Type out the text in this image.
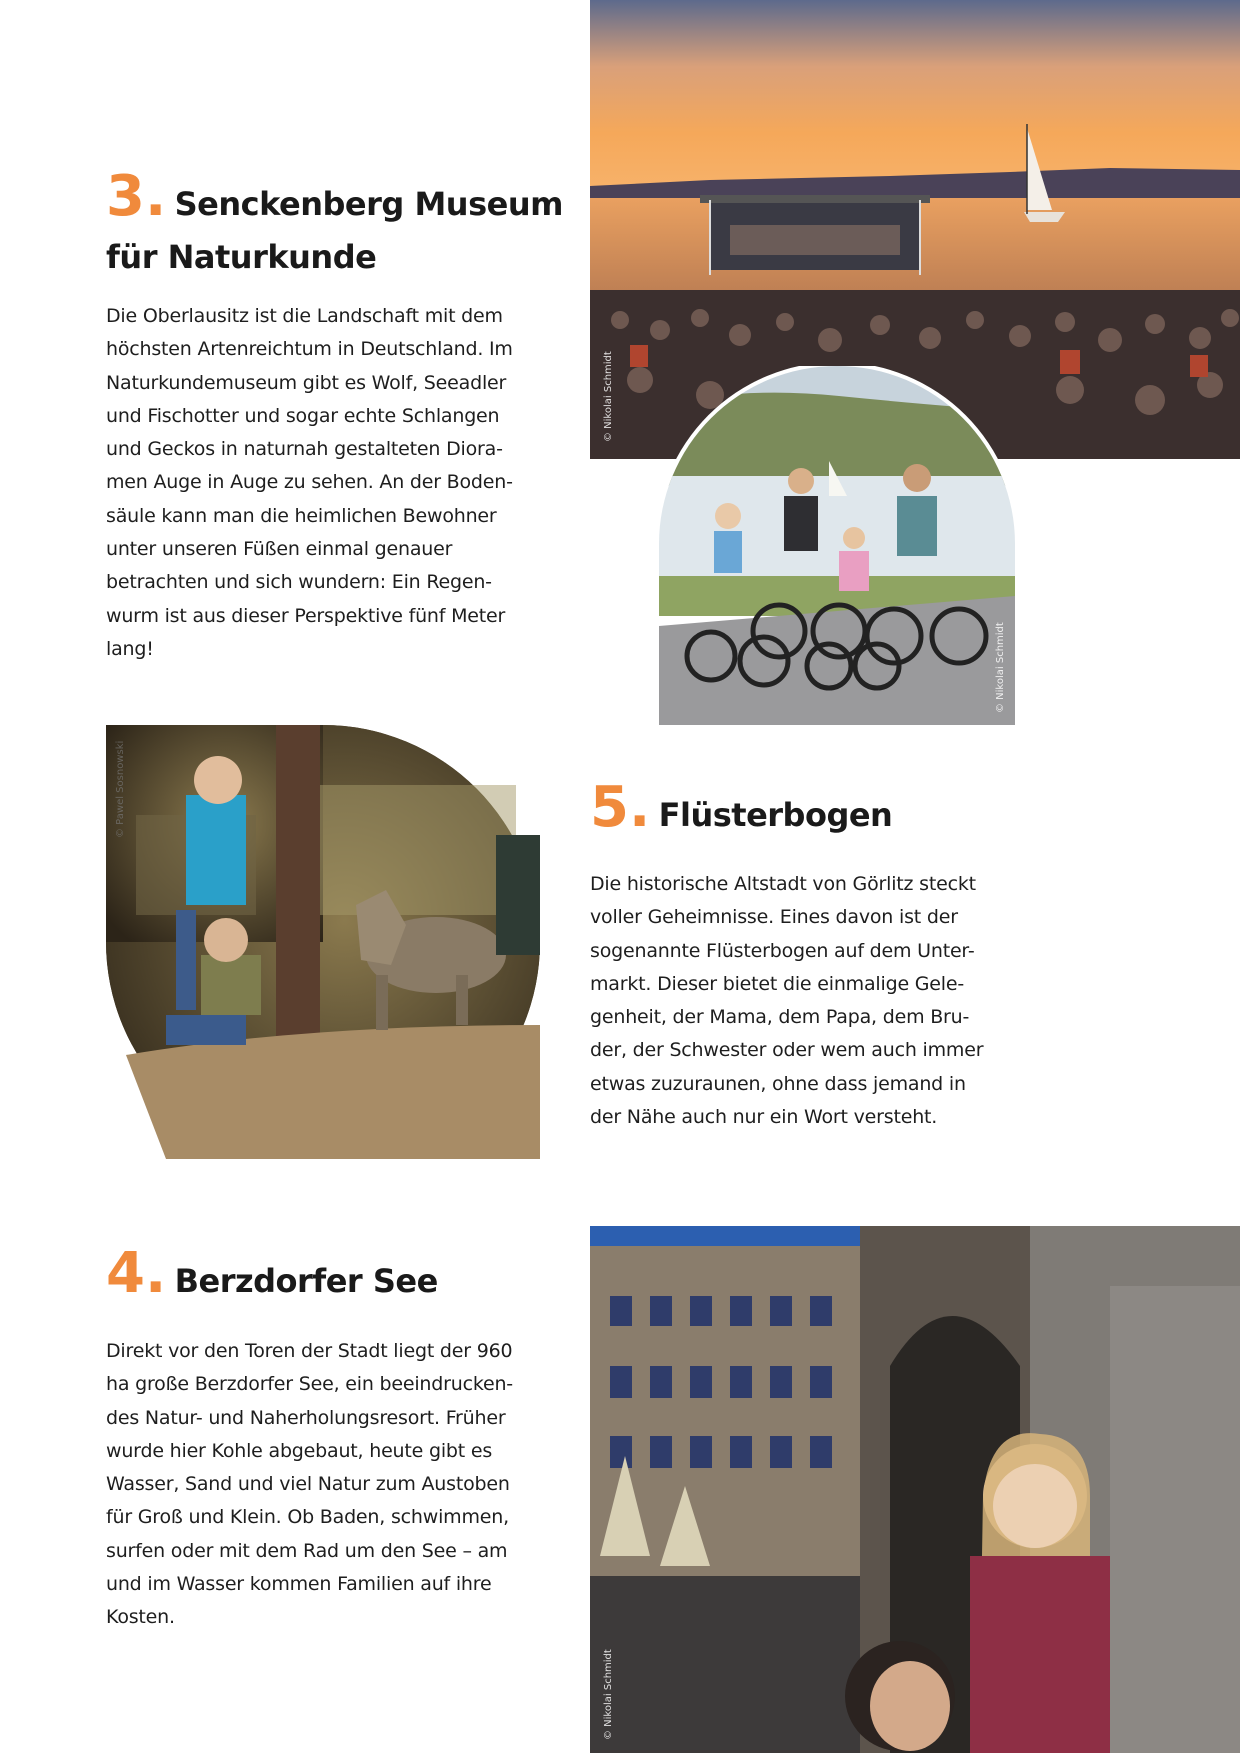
© Nikolai Schmidt
© Nikolai Schmidt
© Pawel Sosnowski
© Nikolai Schmidt
3. Senckenberg Museum
für Naturkunde
Die Oberlausitz ist die Landschaft mit dem
höchsten Artenreichtum in Deutschland. Im
Naturkundemuseum gibt es Wolf, Seeadler
und Fischotter und sogar echte Schlangen
und Geckos in naturnah gestalteten Diora-
men Auge in Auge zu sehen. An der Boden-
säule kann man die heimlichen Bewohner
unter unseren Füßen einmal genauer
betrachten und sich wundern: Ein Regen-
wurm ist aus dieser Perspektive fünf Meter
lang!
5. Flüsterbogen
Die historische Altstadt von Görlitz steckt
voller Geheimnisse. Eines davon ist der
sogenannte Flüsterbogen auf dem Unter-
markt. Dieser bietet die einmalige Gele-
genheit, der Mama, dem Papa, dem Bru-
der, der Schwester oder wem auch immer
etwas zuzuraunen, ohne dass jemand in
der Nähe auch nur ein Wort versteht.
4. Berzdorfer See
Direkt vor den Toren der Stadt liegt der 960
ha große Berzdorfer See, ein beeindrucken-
des Natur- und Naherholungsresort. Früher
wurde hier Kohle abgebaut, heute gibt es
Wasser, Sand und viel Natur zum Austoben
für Groß und Klein. Ob Baden, schwimmen,
surfen oder mit dem Rad um den See – am
und im Wasser kommen Familien auf ihre
Kosten.
